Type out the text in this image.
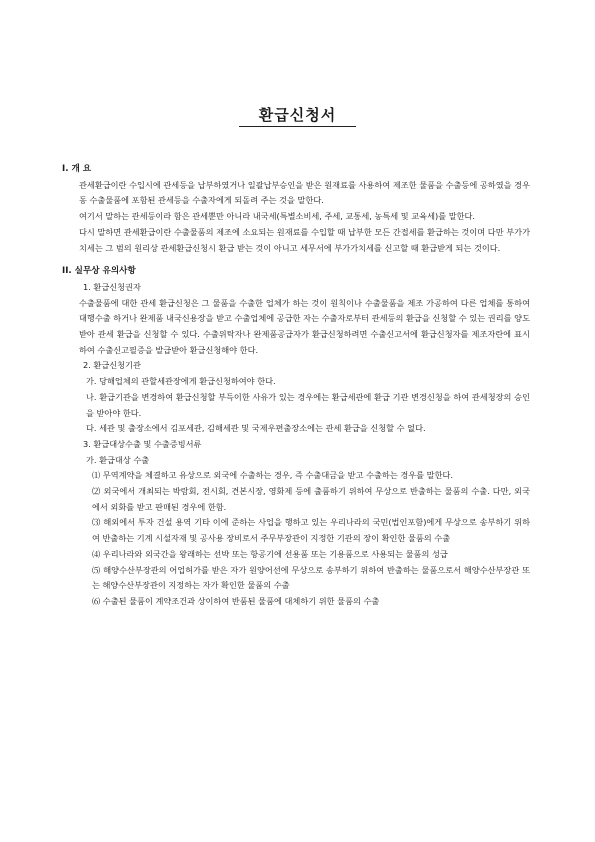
환급신청서

I. 개 요

관세환급이란 수입시에 관세등을 납부하였거나 일괄납부승인을 받은 원재료를 사용하여 제조한 물품을 수출등에 공하였을 경우 동 수출물품에 포함된 관세등을 수출자에게 되돌려 주는 것을 말한다.

여기서 말하는 관세등이라 함은 관세뿐만 아니라 내국세(특별소비세, 주세, 교통세, 농특세 및 교육세)를 말한다.

다시 말하면 관세환급이란 수출물품의 제조에 소요되는 원재료를 수입할 때 납부한 모든 간접세를 환급하는 것이며 다만 부가가치세는 그 범의 원리상 관세환급신청시 환급 받는 것이 아니고 세무서에 부가가치세를 신고할 때 환급받게 되는 것이다.

II. 실무상 유의사항

1. 환급신청권자

수출물품에 대한 관세 환급신청은 그 물품을 수출한 업체가 하는 것이 원칙이나 수출물품을 제조 가공하여 다른 업체를 통하여 대행수출 하거나 완제품 내국신용장을 받고 수출업체에 공급한 자는 수출자로부터 관세등의 환급을 신청할 수 있는 권리를 양도받아 관세 환급을 신청할 수 있다. 수출위탁자나 완제품공급자가 환급신청하려면 수출신고서에 환급신청자를 제조자란에 표시하여 수출신고필증을 발급받아 환급신청해야 한다.

2. 환급신청기관

가. 당해업체의 관할세관장에게 환급신청하여야 한다.

나. 환급기관을 변경하여 환급신청할 부득이한 사유가 있는 경우에는 환급세관에 환급 기관 변경신청을 하여 관세청장의 승인을 받아야 한다.

다. 세관 및 출장소에서 김포세관, 김해세관 및 국제우편출장소에는 관세 환급을 신청할 수 없다.

3. 환급대상수출 및 수출증빙서류

가. 환급대상 수출

⑴ 무역계약을 체결하고 유상으로 외국에 수출하는 경우, 즉 수출대금을 받고 수출하는 경우를 말한다.

⑵ 외국에서 개최되는 박람회, 전시회, 견본시장, 영화제 등에 출품하기 위하여 무상으로 반출하는 물품의 수출. 다만, 외국에서 외화를 받고 판매된 경우에 한함.

⑶ 해외에서 투자 건설 용역 기타 이에 준하는 사업을 행하고 있는 우리나라의 국민(법인포함)에게 무상으로 송부하기 위하여 반출하는 기계 시설자재 및 공사용 장비로서 주무부장관이 지정한 기관의 장이 확인한 물품의 수출

⑷ 우리나라와 외국간을 왕래하는 선박 또는 항공기에 선용품 또는 기용품으로 사용되는 물품의 성급

⑸ 해양수산부장관의 어업허가를 받은 자가 원양어선에 무상으로 송부하기 위하여 반출하는 물품으로서 해양수산부장관 또는 해양수산부장관이 지정하는 자가 확인한 물품의 수출

⑹ 수출된 물품이 계약조건과 상이하여 반품된 물품에 대체하기 위한 물품의 수출
